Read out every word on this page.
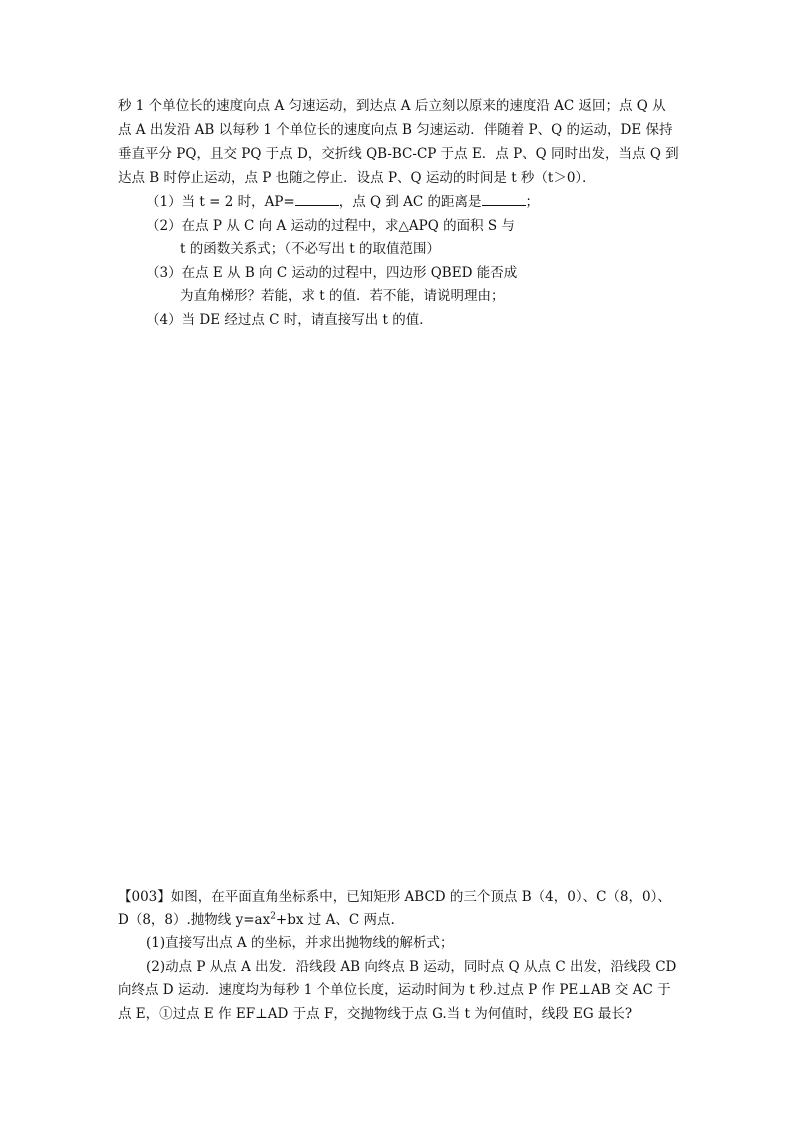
秒 1 个单位长的速度向点 A 匀速运动，到达点 A 后立刻以原来的速度沿 AC 返回；点 Q 从
点 A 出发沿 AB 以每秒 1 个单位长的速度向点 B 匀速运动．伴随着 P、Q 的运动，DE 保持
垂直平分 PQ，且交 PQ 于点 D，交折线 QB-BC-CP 于点 E．点 P、Q 同时出发，当点 Q 到
达点 B 时停止运动，点 P 也随之停止．设点 P、Q 运动的时间是 t 秒（t＞0）．
（1）当 t = 2 时，AP=	，点 Q 到 AC 的距离是	；
（2）在点 P 从 C 向 A 运动的过程中，求△APQ 的面积 S 与
t 的函数关系式；（不必写出 t 的取值范围）
（3）在点 E 从 B 向 C 运动的过程中，四边形 QBED 能否成
为直角梯形？若能，求 t 的值．若不能，请说明理由；
（4）当 DE 经过点 C 时，请直接写出 t 的值．
【003】如图，在平面直角坐标系中，已知矩形 ABCD 的三个顶点 B（4，0）、C（8，0）、
D（8，8）.抛物线 $y=ax^2+bx$ 过 A、C 两点.
(1)直接写出点 A 的坐标，并求出抛物线的解析式；
(2)动点 P 从点 A 出发．沿线段 AB 向终点 B 运动，同时点 Q 从点 C 出发，沿线段 CD
向终点 D 运动．速度均为每秒 1 个单位长度，运动时间为 t 秒.过点 P 作 PE⊥AB 交 AC 于
点 E，①过点 E 作 EF⊥AD 于点 F，交抛物线于点 G.当 t 为何值时，线段 EG 最长?
